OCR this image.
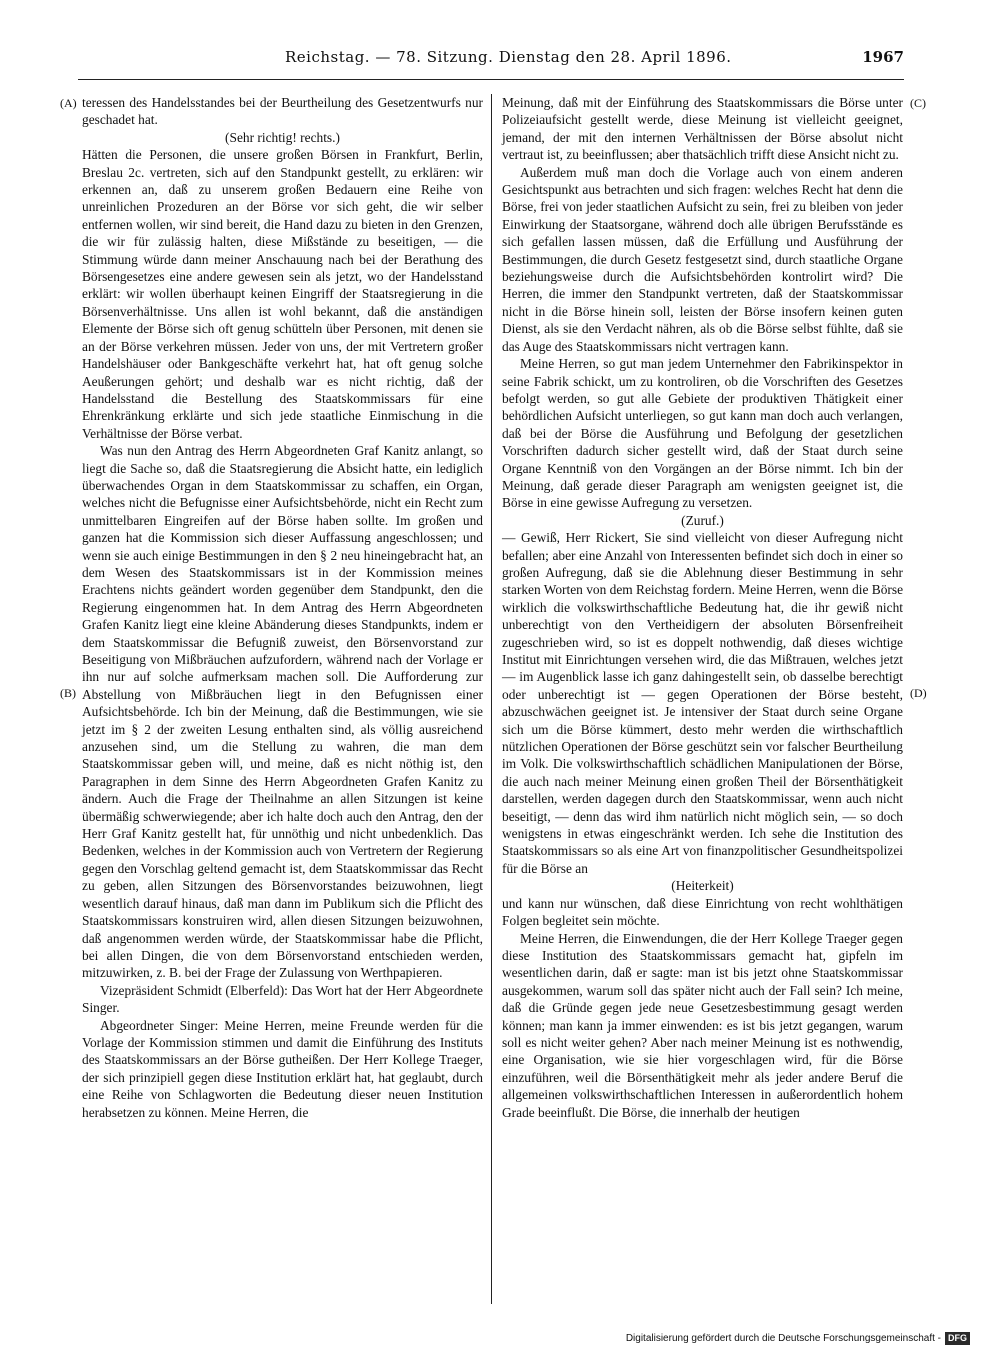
Reichstag. — 78. Sitzung. Dienstag den 28. April 1896.	1967
(A)
(B)
(C)
(D)

teressen des Handelsstandes bei der Beurtheilung des Gesetzentwurfs nur geschadet hat.

(Sehr richtig! rechts.)

Hätten die Personen, die unsere großen Börsen in Frankfurt, Berlin, Breslau 2c. vertreten, sich auf den Standpunkt gestellt, zu erklären: wir erkennen an, daß zu unserem großen Bedauern eine Reihe von unreinlichen Prozeduren an der Börse vor sich geht, die wir selber entfernen wollen, wir sind bereit, die Hand dazu zu bieten in den Grenzen, die wir für zulässig halten, diese Mißstände zu beseitigen, — die Stimmung würde dann meiner Anschauung nach bei der Berathung des Börsengesetzes eine andere gewesen sein als jetzt, wo der Handelsstand erklärt: wir wollen überhaupt keinen Eingriff der Staatsregierung in die Börsenverhältnisse. Uns allen ist wohl bekannt, daß die anständigen Elemente der Börse sich oft genug schütteln über Personen, mit denen sie an der Börse verkehren müssen. Jeder von uns, der mit Vertretern großer Handelshäuser oder Bankgeschäfte verkehrt hat, hat oft genug solche Aeußerungen gehört; und deshalb war es nicht richtig, daß der Handelsstand die Bestellung des Staatskommissars für eine Ehrenkränkung erklärte und sich jede staatliche Einmischung in die Verhältnisse der Börse verbat.

Was nun den Antrag des Herrn Abgeordneten Graf Kanitz anlangt, so liegt die Sache so, daß die Staatsregierung die Absicht hatte, ein lediglich überwachendes Organ in dem Staatskommissar zu schaffen, ein Organ, welches nicht die Befugnisse einer Aufsichtsbehörde, nicht ein Recht zum unmittelbaren Eingreifen auf der Börse haben sollte. Im großen und ganzen hat die Kommission sich dieser Auffassung angeschlossen; und wenn sie auch einige Bestimmungen in den § 2 neu hineingebracht hat, an dem Wesen des Staatskommissars ist in der Kommission meines Erachtens nichts geändert worden gegenüber dem Standpunkt, den die Regierung eingenommen hat. In dem Antrag des Herrn Abgeordneten Grafen Kanitz liegt eine kleine Abänderung dieses Standpunkts, indem er dem Staatskommissar die Befugniß zuweist, den Börsenvorstand zur Beseitigung von Mißbräuchen aufzufordern, während nach der Vorlage er ihn nur auf solche aufmerksam machen soll. Die Aufforderung zur Abstellung von Mißbräuchen liegt in den Befugnissen einer Aufsichtsbehörde. Ich bin der Meinung, daß die Bestimmungen, wie sie jetzt im § 2 der zweiten Lesung enthalten sind, als völlig ausreichend anzusehen sind, um die Stellung zu wahren, die man dem Staatskommissar geben will, und meine, daß es nicht nöthig ist, den Paragraphen in dem Sinne des Herrn Abgeordneten Grafen Kanitz zu ändern. Auch die Frage der Theilnahme an allen Sitzungen ist keine übermäßig schwerwiegende; aber ich halte doch auch den Antrag, den der Herr Graf Kanitz gestellt hat, für unnöthig und nicht unbedenklich. Das Bedenken, welches in der Kommission auch von Vertretern der Regierung gegen den Vorschlag geltend gemacht ist, dem Staatskommissar das Recht zu geben, allen Sitzungen des Börsenvorstandes beizuwohnen, liegt wesentlich darauf hinaus, daß man dann im Publikum sich die Pflicht des Staatskommissars konstruiren wird, allen diesen Sitzungen beizuwohnen, daß angenommen werden würde, der Staatskommissar habe die Pflicht, bei allen Dingen, die von dem Börsenvorstand entschieden werden, mitzuwirken, z. B. bei der Frage der Zulassung von Werthpapieren.

Vizepräsident Schmidt (Elberfeld): Das Wort hat der Herr Abgeordnete Singer.

Abgeordneter Singer: Meine Herren, meine Freunde werden für die Vorlage der Kommission stimmen und damit die Einführung des Instituts des Staatskommissars an der Börse gutheißen. Der Herr Kollege Traeger, der sich prinzipiell gegen diese Institution erklärt hat, hat geglaubt, durch eine Reihe von Schlagworten die Bedeutung dieser neuen Institution herabsetzen zu können. Meine Herren, die

Meinung, daß mit der Einführung des Staatskommissars die Börse unter Polizeiaufsicht gestellt werde, diese Meinung ist vielleicht geeignet, jemand, der mit den internen Verhältnissen der Börse absolut nicht vertraut ist, zu beeinflussen; aber thatsächlich trifft diese Ansicht nicht zu.

Außerdem muß man doch die Vorlage auch von einem anderen Gesichtspunkt aus betrachten und sich fragen: welches Recht hat denn die Börse, frei von jeder staatlichen Aufsicht zu sein, frei zu bleiben von jeder Einwirkung der Staatsorgane, während doch alle übrigen Berufsstände es sich gefallen lassen müssen, daß die Erfüllung und Ausführung der Bestimmungen, die durch Gesetz festgesetzt sind, durch staatliche Organe beziehungsweise durch die Aufsichtsbehörden kontrolirt wird? Die Herren, die immer den Standpunkt vertreten, daß der Staatskommissar nicht in die Börse hinein soll, leisten der Börse insofern keinen guten Dienst, als sie den Verdacht nähren, als ob die Börse selbst fühlte, daß sie das Auge des Staatskommissars nicht vertragen kann.

Meine Herren, so gut man jedem Unternehmer den Fabrikinspektor in seine Fabrik schickt, um zu kontroliren, ob die Vorschriften des Gesetzes befolgt werden, so gut alle Gebiete der produktiven Thätigkeit einer behördlichen Aufsicht unterliegen, so gut kann man doch auch verlangen, daß bei der Börse die Ausführung und Befolgung der gesetzlichen Vorschriften dadurch sicher gestellt wird, daß der Staat durch seine Organe Kenntniß von den Vorgängen an der Börse nimmt. Ich bin der Meinung, daß gerade dieser Paragraph am wenigsten geeignet ist, die Börse in eine gewisse Aufregung zu versetzen.

(Zuruf.)

— Gewiß, Herr Rickert, Sie sind vielleicht von dieser Aufregung nicht befallen; aber eine Anzahl von Interessenten befindet sich doch in einer so großen Aufregung, daß sie die Ablehnung dieser Bestimmung in sehr starken Worten von dem Reichstag fordern. Meine Herren, wenn die Börse wirklich die volkswirthschaftliche Bedeutung hat, die ihr gewiß nicht unberechtigt von den Vertheidigern der absoluten Börsenfreiheit zugeschrieben wird, so ist es doppelt nothwendig, daß dieses wichtige Institut mit Einrichtungen versehen wird, die das Mißtrauen, welches jetzt — im Augenblick lasse ich ganz dahingestellt sein, ob dasselbe berechtigt oder unberechtigt ist — gegen Operationen der Börse besteht, abzuschwächen geeignet ist. Je intensiver der Staat durch seine Organe sich um die Börse kümmert, desto mehr werden die wirthschaftlich nützlichen Operationen der Börse geschützt sein vor falscher Beurtheilung im Volk. Die volkswirthschaftlich schädlichen Manipulationen der Börse, die auch nach meiner Meinung einen großen Theil der Börsenthätigkeit darstellen, werden dagegen durch den Staatskommissar, wenn auch nicht beseitigt, — denn das wird ihm natürlich nicht möglich sein, — so doch wenigstens in etwas eingeschränkt werden. Ich sehe die Institution des Staatskommissars so als eine Art von finanzpolitischer Gesundheitspolizei für die Börse an

(Heiterkeit)

und kann nur wünschen, daß diese Einrichtung von recht wohlthätigen Folgen begleitet sein möchte.

Meine Herren, die Einwendungen, die der Herr Kollege Traeger gegen diese Institution des Staatskommissars gemacht hat, gipfeln im wesentlichen darin, daß er sagte: man ist bis jetzt ohne Staatskommissar ausgekommen, warum soll das später nicht auch der Fall sein? Ich meine, daß die Gründe gegen jede neue Gesetzesbestimmung gesagt werden können; man kann ja immer einwenden: es ist bis jetzt gegangen, warum soll es nicht weiter gehen? Aber nach meiner Meinung ist es nothwendig, eine Organisation, wie sie hier vorgeschlagen wird, für die Börse einzuführen, weil die Börsenthätigkeit mehr als jeder andere Beruf die allgemeinen volkswirthschaftlichen Interessen in außerordentlich hohem Grade beeinflußt. Die Börse, die innerhalb der heutigen

Digitalisierung gefördert durch die Deutsche Forschungsgemeinschaft - DFG
